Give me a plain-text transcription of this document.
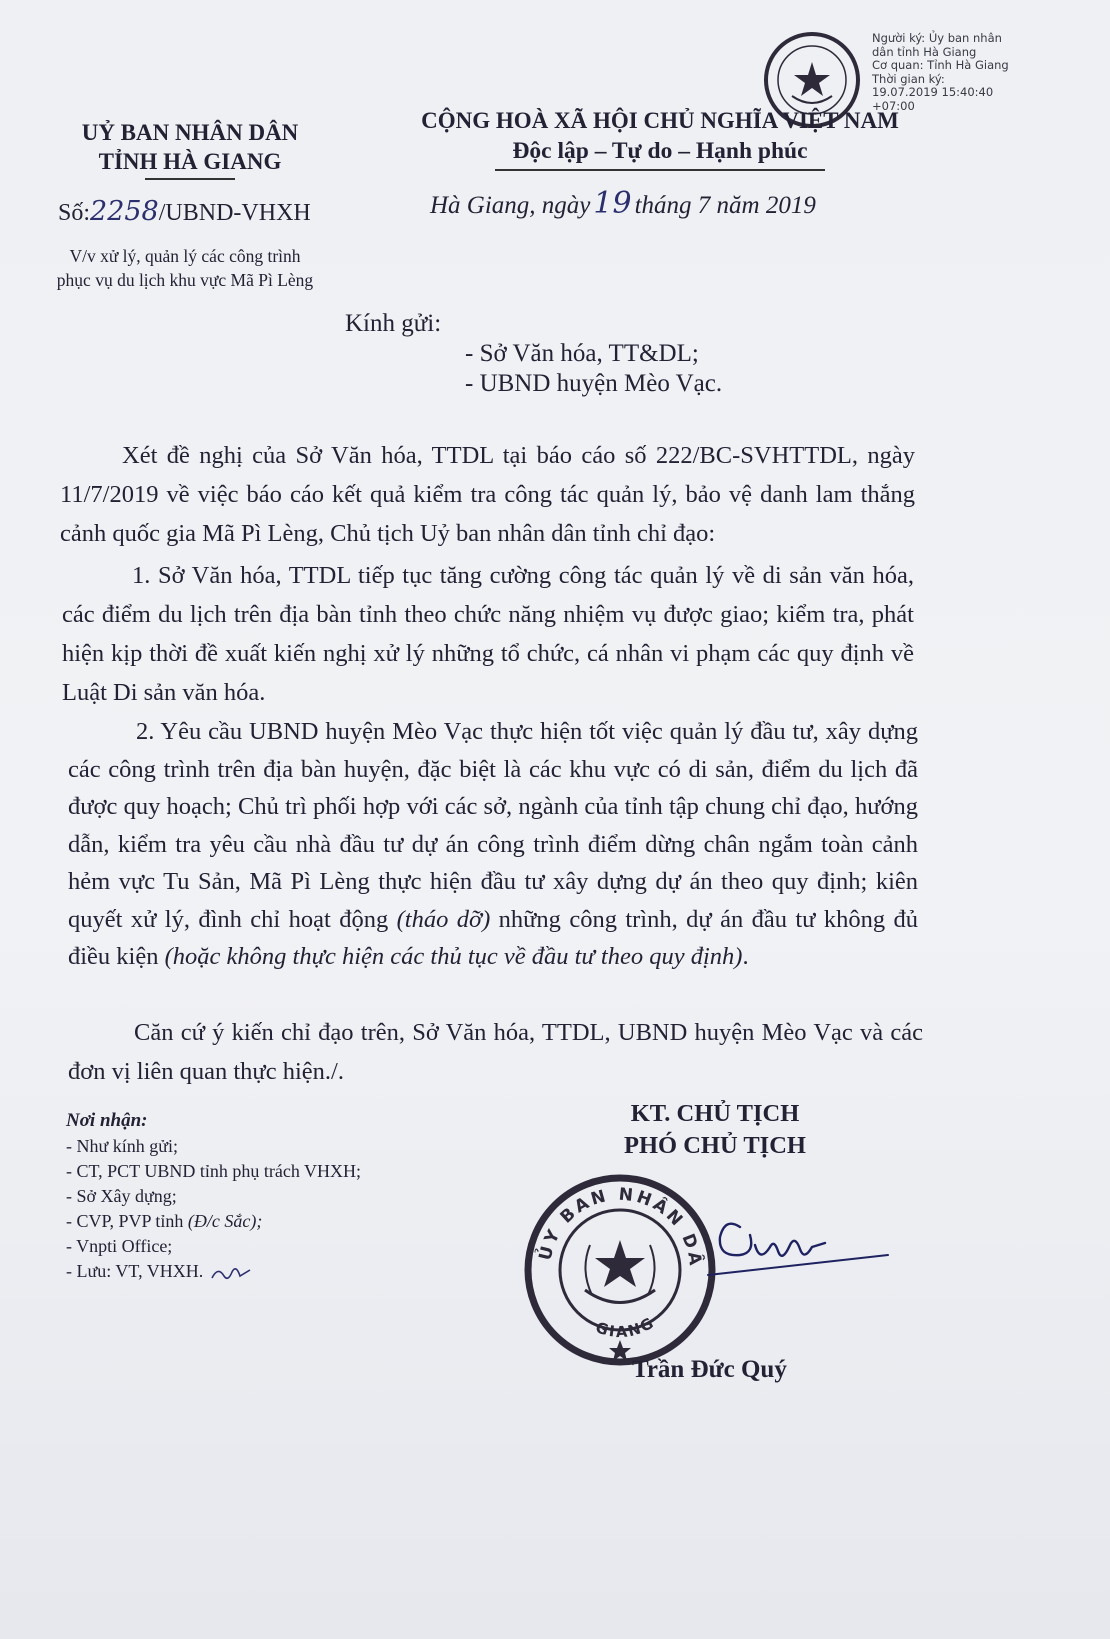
Người ký: Ủy ban nhân
dân tỉnh Hà Giang
Cơ quan: Tỉnh Hà Giang
Thời gian ký:
19.07.2019 15:40:40
+07:00
UỶ BAN NHÂN DÂN
TỈNH HÀ GIANG
CỘNG HOÀ XÃ HỘI CHỦ NGHĨA VIỆT NAM
Độc lập – Tự do – Hạnh phúc
Số:2258/UBND-VHXH	Hà Giang, ngày 19 tháng 7 năm 2019
V/v xử lý, quản lý các công trình
phục vụ du lịch khu vực Mã Pì Lèng
Kính gửi:
- Sở Văn hóa, TT&DL;
- UBND huyện Mèo Vạc.
Xét đề nghị của Sở Văn hóa, TTDL tại báo cáo số 222/BC-SVHTTDL, ngày 11/7/2019 về việc báo cáo kết quả kiểm tra công tác quản lý, bảo vệ danh lam thắng cảnh quốc gia Mã Pì Lèng, Chủ tịch Uỷ ban nhân dân tỉnh chỉ đạo:
1. Sở Văn hóa, TTDL tiếp tục tăng cường công tác quản lý về di sản văn hóa, các điểm du lịch trên địa bàn tỉnh theo chức năng nhiệm vụ được giao; kiểm tra, phát hiện kịp thời đề xuất kiến nghị xử lý những tổ chức, cá nhân vi phạm các quy định về Luật Di sản văn hóa.
2. Yêu cầu UBND huyện Mèo Vạc thực hiện tốt việc quản lý đầu tư, xây dựng các công trình trên địa bàn huyện, đặc biệt là các khu vực có di sản, điểm du lịch đã được quy hoạch; Chủ trì phối hợp với các sở, ngành của tỉnh tập chung chỉ đạo, hướng dẫn, kiểm tra yêu cầu nhà đầu tư dự án công trình điểm dừng chân ngắm toàn cảnh hẻm vực Tu Sản, Mã Pì Lèng thực hiện đầu tư xây dựng dự án theo quy định; kiên quyết xử lý, đình chỉ hoạt động (tháo dỡ) những công trình, dự án đầu tư không đủ điều kiện (hoặc không thực hiện các thủ tục về đầu tư theo quy định).
Căn cứ ý kiến chỉ đạo trên, Sở Văn hóa, TTDL, UBND huyện Mèo Vạc và các đơn vị liên quan thực hiện./.
Nơi nhận:
- Như kính gửi;
- CT, PCT UBND tỉnh phụ trách VHXH;
- Sở Xây dựng;
- CVP, PVP tỉnh (Đ/c Sắc);
- Vnpti Office;
- Lưu: VT, VHXH.
KT. CHỦ TỊCH
PHÓ CHỦ TỊCH
ỦY BAN NHÂN DÂ
GIANG
Trần Đức Quý
